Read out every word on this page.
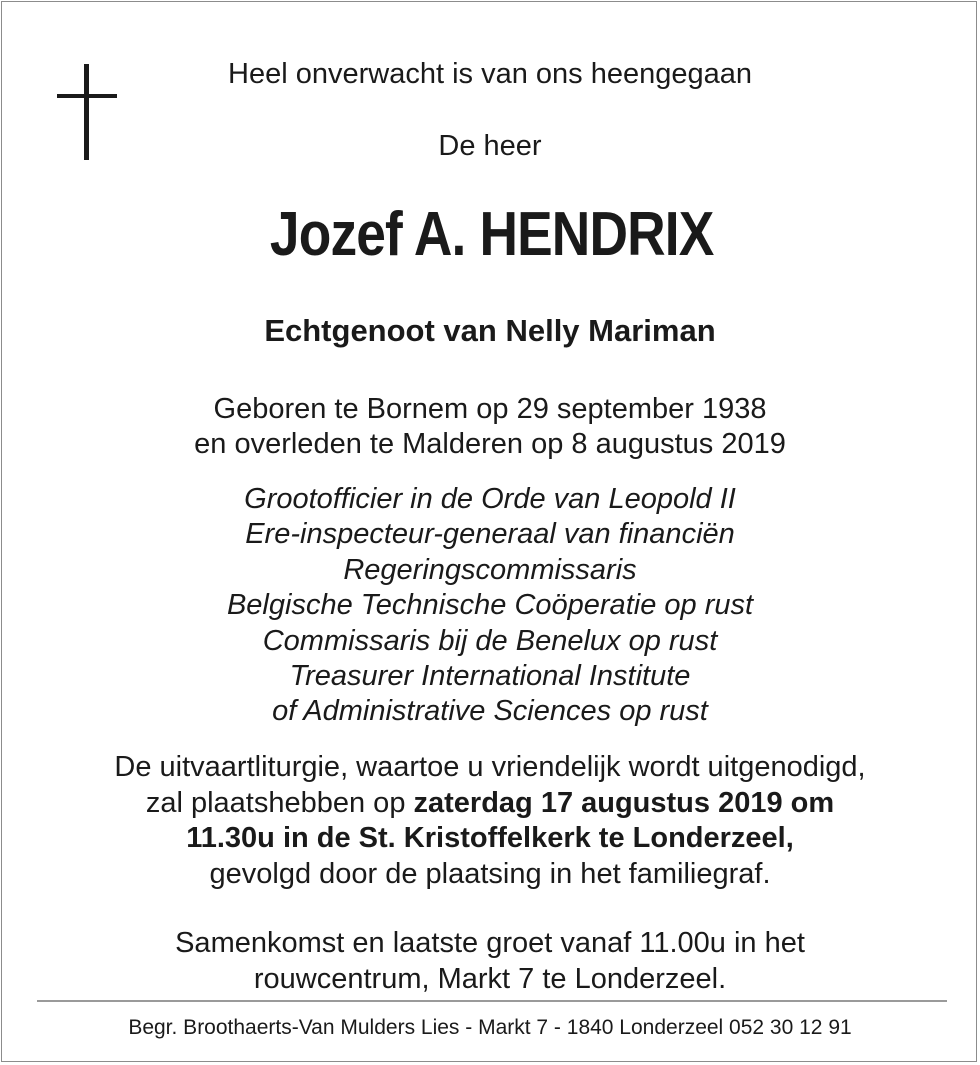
Heel onverwacht is van ons heengegaan
De heer
Jozef A. HENDRIX
Echtgenoot van Nelly Mariman
Geboren te Bornem op 29 september 1938
en overleden te Malderen op 8 augustus 2019
Grootofficier in de Orde van Leopold II
Ere-inspecteur-generaal van financiën
Regeringscommissaris
Belgische Technische Coöperatie op rust
Commissaris bij de Benelux op rust
Treasurer International Institute
of Administrative Sciences op rust
De uitvaartliturgie, waartoe u vriendelijk wordt uitgenodigd,
zal plaatshebben op zaterdag 17 augustus 2019 om
11.30u in de St. Kristoffelkerk te Londerzeel,
gevolgd door de plaatsing in het familiegraf.
Samenkomst en laatste groet vanaf 11.00u in het
rouwcentrum, Markt 7 te Londerzeel.
Begr. Broothaerts-Van Mulders Lies - Markt 7 - 1840 Londerzeel 052 30 12 91
